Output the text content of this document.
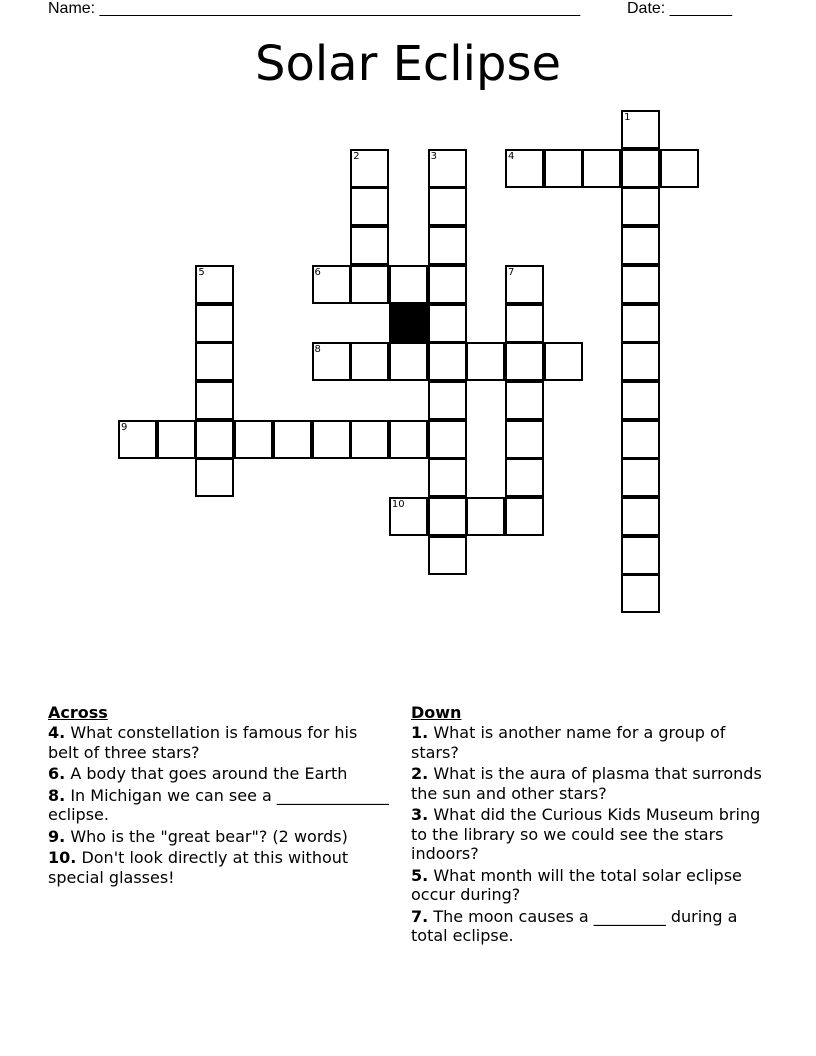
Name: ______________________________________________________	Date: _______
Solar Eclipse
1
2	3	4
5	6	7
8
9
10
Across
4. What constellation is famous for his belt of three stars?
6. A body that goes around the Earth
8. In Michigan we can see a ______________ eclipse.
9. Who is the "great bear"? (2 words)
10. Don't look directly at this without special glasses!
Down
1. What is another name for a group of stars?
2. What is the aura of plasma that surronds the sun and other stars?
3. What did the Curious Kids Museum bring to the library so we could see the stars indoors?
5. What month will the total solar eclipse occur during?
7. The moon causes a _________ during a total eclipse.
